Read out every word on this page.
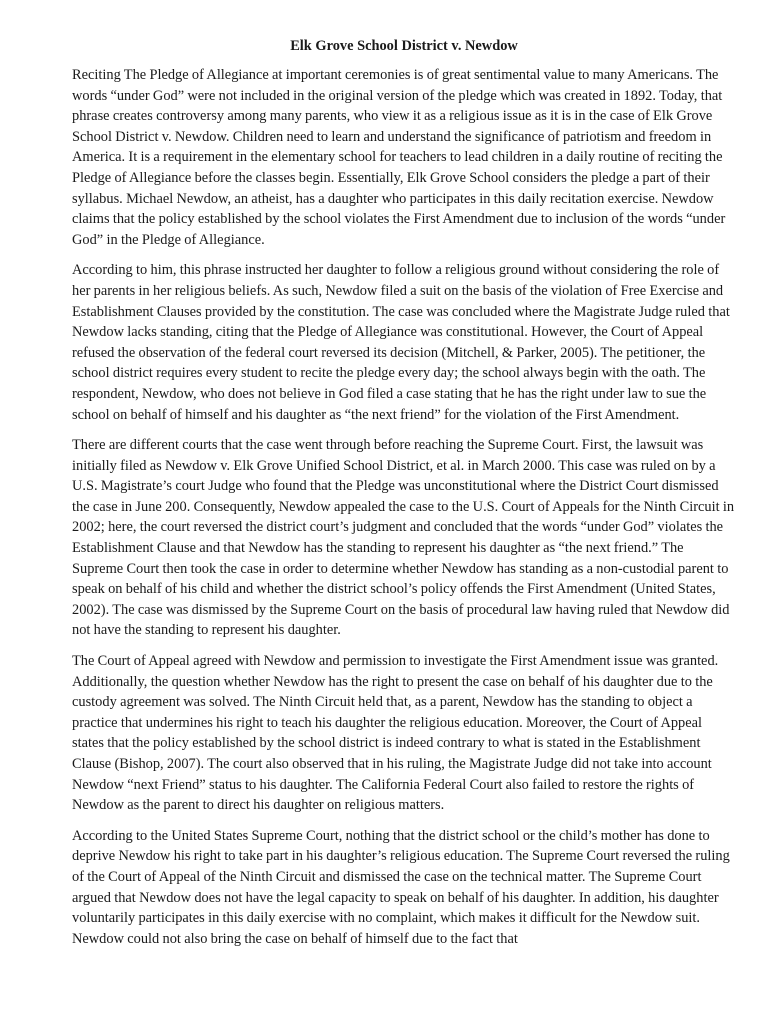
Elk Grove School District v. Newdow

Reciting The Pledge of Allegiance at important ceremonies is of great sentimental value to many Americans. The words “under God” were not included in the original version of the pledge which was created in 1892. Today, that phrase creates controversy among many parents, who view it as a religious issue as it is in the case of Elk Grove School District v. Newdow. Children need to learn and understand the significance of patriotism and freedom in America. It is a requirement in the elementary school for teachers to lead children in a daily routine of reciting the Pledge of Allegiance before the classes begin. Essentially, Elk Grove School considers the pledge a part of their syllabus. Michael Newdow, an atheist, has a daughter who participates in this daily recitation exercise. Newdow claims that the policy established by the school violates the First Amendment due to inclusion of the words “under God” in the Pledge of Allegiance.

According to him, this phrase instructed her daughter to follow a religious ground without considering the role of her parents in her religious beliefs. As such, Newdow filed a suit on the basis of the violation of Free Exercise and Establishment Clauses provided by the constitution. The case was concluded where the Magistrate Judge ruled that Newdow lacks standing, citing that the Pledge of Allegiance was constitutional. However, the Court of Appeal refused the observation of the federal court reversed its decision (Mitchell, & Parker, 2005). The petitioner, the school district requires every student to recite the pledge every day; the school always begin with the oath. The respondent, Newdow, who does not believe in God filed a case stating that he has the right under law to sue the school on behalf of himself and his daughter as “the next friend” for the violation of the First Amendment.

There are different courts that the case went through before reaching the Supreme Court. First, the lawsuit was initially filed as Newdow v. Elk Grove Unified School District, et al. in March 2000. This case was ruled on by a U.S. Magistrate’s court Judge who found that the Pledge was unconstitutional where the District Court dismissed the case in June 200. Consequently, Newdow appealed the case to the U.S. Court of Appeals for the Ninth Circuit in 2002; here, the court reversed the district court’s judgment and concluded that the words “under God” violates the Establishment Clause and that Newdow has the standing to represent his daughter as “the next friend.” The Supreme Court then took the case in order to determine whether Newdow has standing as a non-custodial parent to speak on behalf of his child and whether the district school’s policy offends the First Amendment (United States, 2002). The case was dismissed by the Supreme Court on the basis of procedural law having ruled that Newdow did not have the standing to represent his daughter.

The Court of Appeal agreed with Newdow and permission to investigate the First Amendment issue was granted. Additionally, the question whether Newdow has the right to present the case on behalf of his daughter due to the custody agreement was solved. The Ninth Circuit held that, as a parent, Newdow has the standing to object a practice that undermines his right to teach his daughter the religious education. Moreover, the Court of Appeal states that the policy established by the school district is indeed contrary to what is stated in the Establishment Clause (Bishop, 2007). The court also observed that in his ruling, the Magistrate Judge did not take into account Newdow “next Friend” status to his daughter. The California Federal Court also failed to restore the rights of Newdow as the parent to direct his daughter on religious matters.

According to the United States Supreme Court, nothing that the district school or the child’s mother has done to deprive Newdow his right to take part in his daughter’s religious education. The Supreme Court reversed the ruling of the Court of Appeal of the Ninth Circuit and dismissed the case on the technical matter. The Supreme Court argued that Newdow does not have the legal capacity to speak on behalf of his daughter. In addition, his daughter voluntarily participates in this daily exercise with no complaint, which makes it difficult for the Newdow suit. Newdow could not also bring the case on behalf of himself due to the fact that
